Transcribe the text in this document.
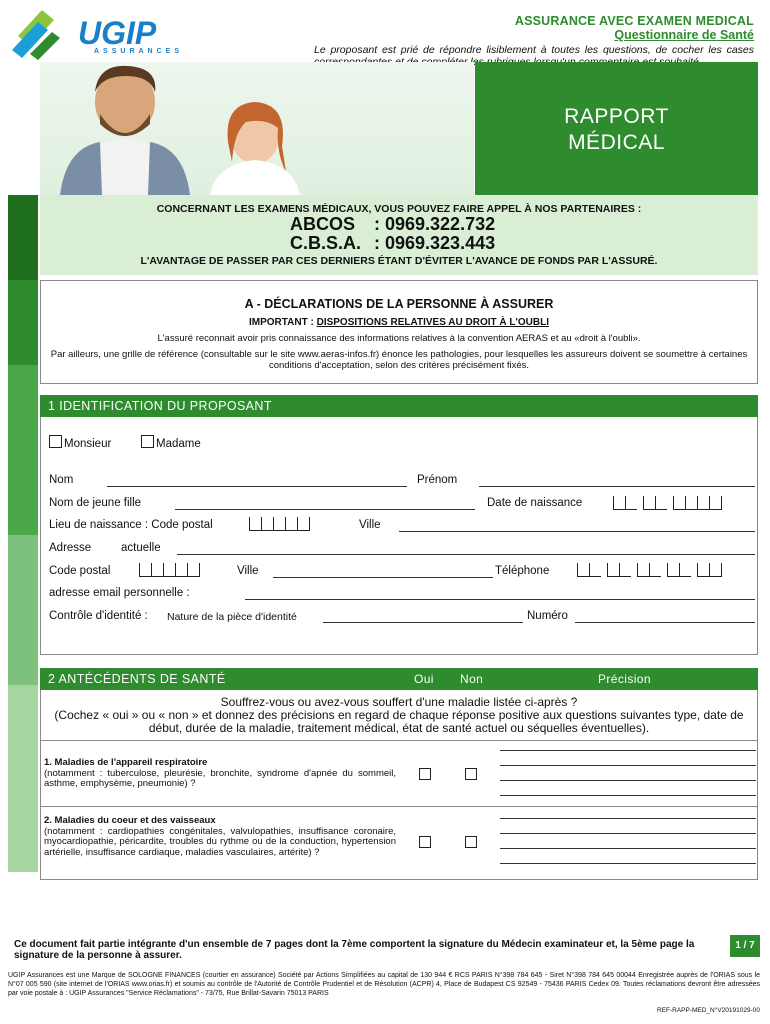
UGIP
ASSURANCES
ASSURANCE AVEC EXAMEN MEDICAL
Questionnaire de Santé
Le proposant est prié de répondre lisiblement à toutes les questions, de cocher les cases
RAPPORT
MÉDICAL
CONCERNANT LES EXAMENS MÉDICAUX, VOUS POUVEZ FAIRE APPEL À NOS PARTENAIRES :
ABCOS : 0969.322.732
C.B.S.A. : 0969.323.443
L'AVANTAGE DE PASSER PAR CES DERNIERS ÉTANT D'ÉVITER L'AVANCE DE FONDS PAR L'ASSURÉ.
A - DÉCLARATIONS DE LA PERSONNE À ASSURER
IMPORTANT : DISPOSITIONS RELATIVES AU DROIT À L'OUBLI
L'assuré reconnait avoir pris connaissance des informations relatives à la convention AERAS et au «droit à l'oubli».
Par ailleurs, une grille de référence (consultable sur le site www.aeras-infos.fr) énonce les pathologies, pour lesquelles les assureurs doivent se soumettre à certaines conditions d'acceptation, selon des critères précisément fixés.
1 IDENTIFICATION DU PROPOSANT
Monsieur	Madame
Nom	Prénom
Nom de jeune fille	Date de naissance
Lieu de naissance : Code postal	Ville
Adresse	actuelle
Code postal	Ville	Téléphone
adresse email personnelle :
Contrôle d'identité : Nature de la pièce d'identité	Numéro
2 ANTÉCÉDENTS DE SANTÉ	Oui Non	Précision
Souffrez-vous ou avez-vous souffert d'une maladie listée ci-après ?
(Cochez « oui » ou « non » et donnez des précisions en regard de chaque réponse positive aux questions suivantes type, date de début, durée de la maladie, traitement médical, état de santé actuel ou séquelles éventuelles).
1. Maladies de l'appareil respiratoire
(notamment : tuberculose, pleurésie, bronchite, syndrome d'apnée du sommeil, asthme, emphysème, pneumonie) ?
2. Maladies du coeur et des vaisseaux
(notamment : cardiopathies congénitales, valvulopathies, insuffisance coronaire, myocardiopathie, péricardite, troubles du rythme ou de la conduction, hypertension artérielle, insuffisance cardiaque, maladies vasculaires, artérite) ?
Ce document fait partie intégrante d'un ensemble de 7 pages dont la 7ème comportent la signature du Médecin examinateur et, la 5ème page la signature de la personne à assurer.
1 / 7
UGIP Assurances est une Marque de SOLOGNE FINANCES (courtier en assurance) Société par Actions Simplifiées au capital de 130 944 € RCS PARIS N°398 784 645 - Siret N°398 784 645 00044 Enregistrée auprès de l'ORIAS sous le N°07 005 590 (site internet de l'ORIAS www.orias.fr) et soumis au contrôle de l'Autorité de Contrôle Prudentiel et de Résolution (ACPR) 4, Place de Budapest CS 92549 - 75436 PARIS Cedex 09. Toutes réclamations devront être adressées par voie postale à : UGIP Assurances "Service Réclamations" - 73/75, Rue Brillat-Savarin 75013 PARIS
REF-RAPP-MED_N°V20191029-00
